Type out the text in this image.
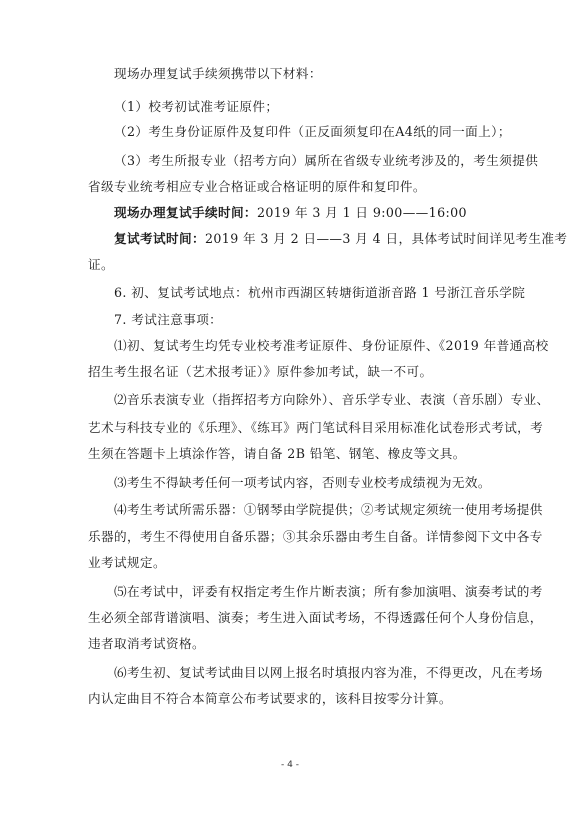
现场办理复试手续须携带以下材料：
（1）校考初试准考证原件；
（2）考生身份证原件及复印件（正反面须复印在A4纸的同一面上）；
（3）考生所报专业（招考方向）属所在省级专业统考涉及的，考生须提供
省级专业统考相应专业合格证或合格证明的原件和复印件。
现场办理复试手续时间：2019 年 3 月 1 日 9:00——16:00
复试考试时间：2019 年 3 月 2 日——3 月 4 日，具体考试时间详见考生准考
证。
6. 初、复试考试地点：杭州市西湖区转塘街道浙音路 1 号浙江音乐学院
7. 考试注意事项：
⑴初、复试考生均凭专业校考准考证原件、身份证原件、《2019 年普通高校
招生考生报名证（艺术报考证）》原件参加考试，缺一不可。
⑵音乐表演专业（指挥招考方向除外）、音乐学专业、表演（音乐剧）专业、
艺术与科技专业的《乐理》、《练耳》两门笔试科目采用标准化试卷形式考试，考
生须在答题卡上填涂作答，请自备 2B 铅笔、钢笔、橡皮等文具。
⑶考生不得缺考任何一项考试内容，否则专业校考成绩视为无效。
⑷考生考试所需乐器：①钢琴由学院提供；②考试规定须统一使用考场提供
乐器的，考生不得使用自备乐器；③其余乐器由考生自备。详情参阅下文中各专
业考试规定。
⑸在考试中，评委有权指定考生作片断表演；所有参加演唱、演奏考试的考
生必须全部背谱演唱、演奏；考生进入面试考场，不得透露任何个人身份信息，
违者取消考试资格。
⑹考生初、复试考试曲目以网上报名时填报内容为准，不得更改，凡在考场
内认定曲目不符合本简章公布考试要求的，该科目按零分计算。
- 4 -
